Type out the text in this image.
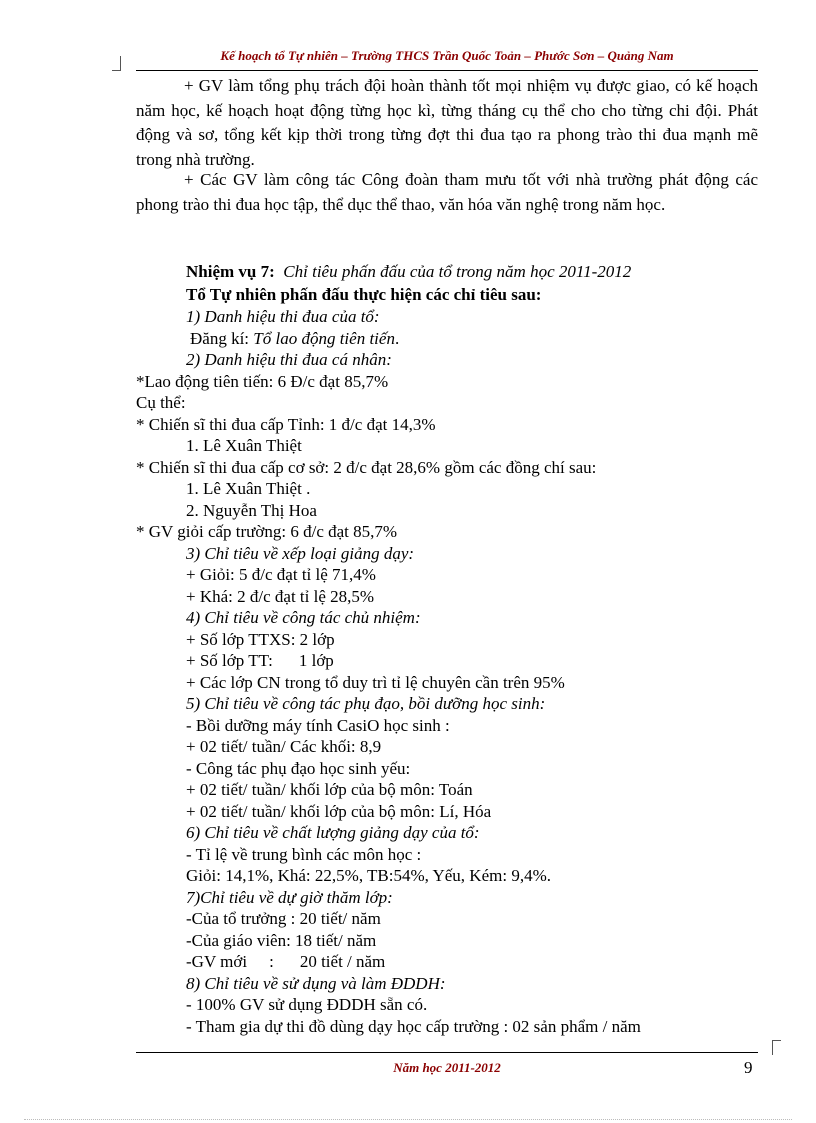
Kế hoạch tổ Tự nhiên – Trường THCS Trần Quốc Toản – Phước Sơn – Quảng Nam

+ GV làm tổng phụ trách đội hoàn thành tốt mọi nhiệm vụ được giao, có kế hoạch năm học, kế hoạch hoạt động từng học kì, từng tháng cụ thể cho cho từng chi đội. Phát động và sơ, tổng kết kịp thời trong từng đợt thi đua tạo ra phong trào thi đua mạnh mẽ trong nhà trường.

+ Các GV làm công tác Công đoàn tham mưu tốt với nhà trường phát động các phong trào thi đua học tập, thể dục thể thao, văn hóa văn nghệ trong năm học.

Nhiệm vụ 7: Chỉ tiêu phấn đấu của tổ trong năm học 2011-2012
Tổ Tự nhiên phấn đấu thực hiện các chỉ tiêu sau:
1) Danh hiệu thi đua của tổ:
Đăng kí: Tổ lao động tiên tiến.
2) Danh hiệu thi đua cá nhân:
*Lao động tiên tiến: 6 Đ/c đạt 85,7%
Cụ thể:
* Chiến sĩ thi đua cấp Tỉnh: 1 đ/c đạt 14,3%
1. Lê Xuân Thiệt
* Chiến sĩ thi đua cấp cơ sở: 2 đ/c đạt 28,6% gồm các đồng chí sau:
1. Lê Xuân Thiệt .
2. Nguyễn Thị Hoa
* GV giỏi cấp trường: 6 đ/c đạt 85,7%
3) Chỉ tiêu về xếp loại giảng dạy:
+ Giỏi: 5 đ/c đạt tỉ lệ 71,4%
+ Khá: 2 đ/c đạt tỉ lệ 28,5%
4) Chỉ tiêu về công tác chủ nhiệm:
+ Số lớp TTXS: 2 lớp
+ Số lớp TT: 1 lớp
+ Các lớp CN trong tổ duy trì tỉ lệ chuyên cần trên 95%
5) Chỉ tiêu về công tác phụ đạo, bồi dưỡng học sinh:
- Bồi dưỡng máy tính CasiO học sinh :
+ 02 tiết/ tuần/ Các khối: 8,9
- Công tác phụ đạo học sinh yếu:
+ 02 tiết/ tuần/ khối lớp của bộ môn: Toán
+ 02 tiết/ tuần/ khối lớp của bộ môn: Lí, Hóa
6) Chỉ tiêu về chất lượng giảng dạy của tổ:
- Tỉ lệ về trung bình các môn học :
Giỏi: 14,1%, Khá: 22,5%, TB:54%, Yếu, Kém: 9,4%.
7)Chỉ tiêu về dự giờ thăm lớp:
-Của tổ trưởng : 20 tiết/ năm
-Của giáo viên: 18 tiết/ năm
-GV mới : 20 tiết / năm
8) Chỉ tiêu về sử dụng và làm ĐDDH:
- 100% GV sử dụng ĐDDH sẵn có.
- Tham gia dự thi đồ dùng dạy học cấp trường : 02 sản phẩm / năm
Năm học 2011-2012	9
